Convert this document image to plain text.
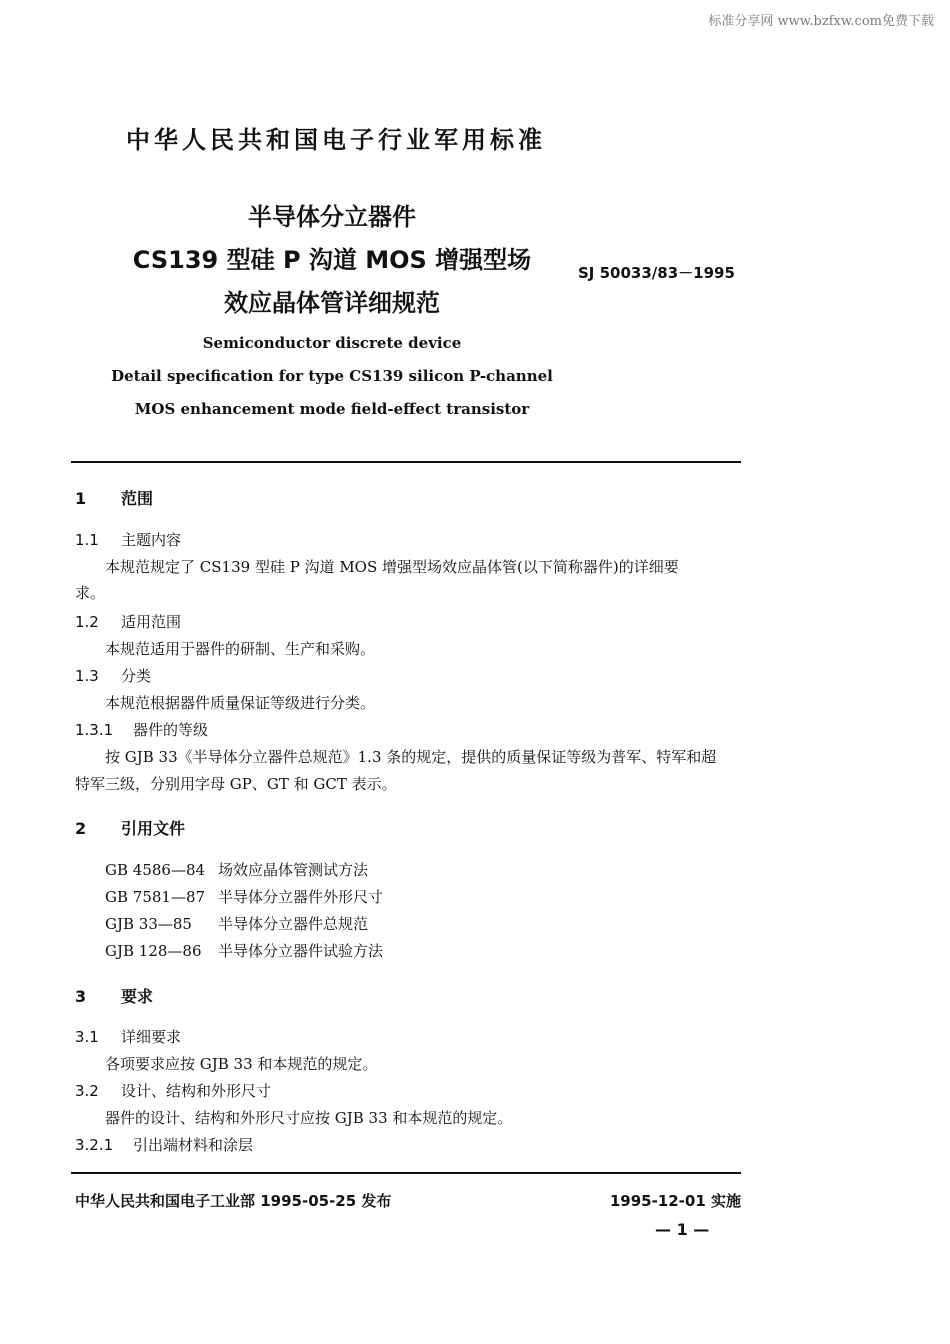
标准分享网 www.bzfxw.com免费下载
中华人民共和国电子行业军用标准
半导体分立器件
CS139 型硅 P 沟道 MOS 增强型场
效应晶体管详细规范
SJ 50033/83－1995
Semiconductor discrete device
Detail specification for type CS139 silicon P-channel
MOS enhancement mode field-effect transistor
1 范围
1.1 主题内容
本规范规定了 CS139 型硅 P 沟道 MOS 增强型场效应晶体管(以下简称器件)的详细要
求。
1.2 适用范围
本规范适用于器件的研制、生产和采购。
1.3 分类
本规范根据器件质量保证等级进行分类。
1.3.1 器件的等级
按 GJB 33《半导体分立器件总规范》1.3 条的规定，提供的质量保证等级为普军、特军和超
特军三级，分别用字母 GP、GT 和 GCT 表示。
2 引用文件
GB 4586—84 场效应晶体管测试方法
GB 7581—87 半导体分立器件外形尺寸
GJB 33—85 半导体分立器件总规范
GJB 128—86 半导体分立器件试验方法
3 要求
3.1 详细要求
各项要求应按 GJB 33 和本规范的规定。
3.2 设计、结构和外形尺寸
器件的设计、结构和外形尺寸应按 GJB 33 和本规范的规定。
3.2.1 引出端材料和涂层
中华人民共和国电子工业部 1995-05-25 发布	1995-12-01 实施
— 1 —
